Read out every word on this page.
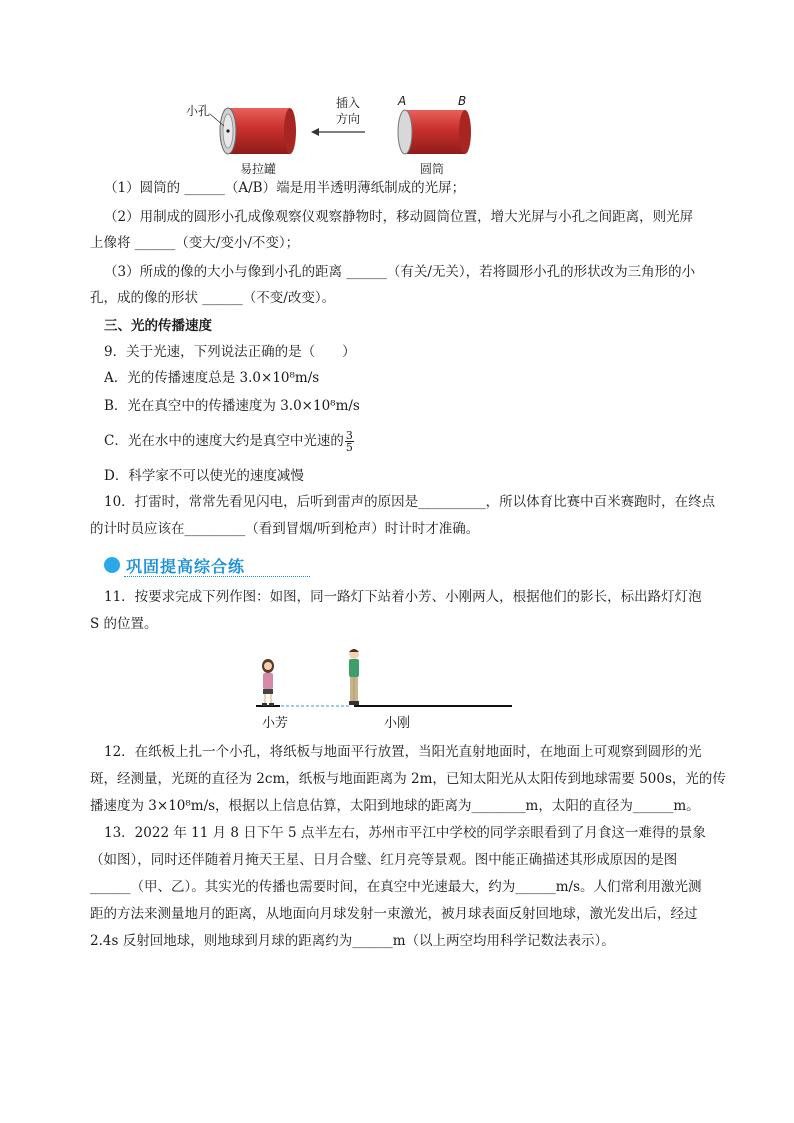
小孔
插入
方向
A	B
易拉罐	圆筒
（1）圆筒的 ______（A/B）端是用半透明薄纸制成的光屏；
（2）用制成的圆形小孔成像观察仪观察静物时，移动圆筒位置，增大光屏与小孔之间距离，则光屏
上像将 ______（变大/变小/不变）；
（3）所成的像的大小与像到小孔的距离 ______（有关/无关），若将圆形小孔的形状改为三角形的小
孔，成的像的形状 ______（不变/改变）。
三、光的传播速度
9．关于光速，下列说法正确的是（　　）
A．光的传播速度总是 3.0×10⁸m/s
B．光在真空中的传播速度为 3.0×10⁸m/s
C．光在水中的速度大约是真空中光速的 $\frac{3}{5}$
D．科学家不可以使光的速度减慢
10．打雷时，常常先看见闪电，后听到雷声的原因是__________，所以体育比赛中百米赛跑时，在终点
的计时员应该在_________（看到冒烟/听到枪声）时计时才准确。
巩固提高综合练
11．按要求完成下列作图：如图，同一路灯下站着小芳、小刚两人，根据他们的影长，标出路灯灯泡
S 的位置。
小芳	小刚
12．在纸板上扎一个小孔，将纸板与地面平行放置，当阳光直射地面时，在地面上可观察到圆形的光
斑，经测量，光斑的直径为 2cm，纸板与地面距离为 2m，已知太阳光从太阳传到地球需要 500s，光的传
播速度为 3×10⁸m/s，根据以上信息估算，太阳到地球的距离为________m，太阳的直径为______m。
13．2022 年 11 月 8 日下午 5 点半左右，苏州市平江中学校的同学亲眼看到了月食这一难得的景象
（如图），同时还伴随着月掩天王星、日月合璧、红月亮等景观。图中能正确描述其形成原因的是图
______（甲、乙）。其实光的传播也需要时间，在真空中光速最大，约为______m/s。人们常利用激光测
距的方法来测量地月的距离，从地面向月球发射一束激光，被月球表面反射回地球，激光发出后，经过
2.4s 反射回地球，则地球到月球的距离约为______m（以上两空均用科学记数法表示）。
